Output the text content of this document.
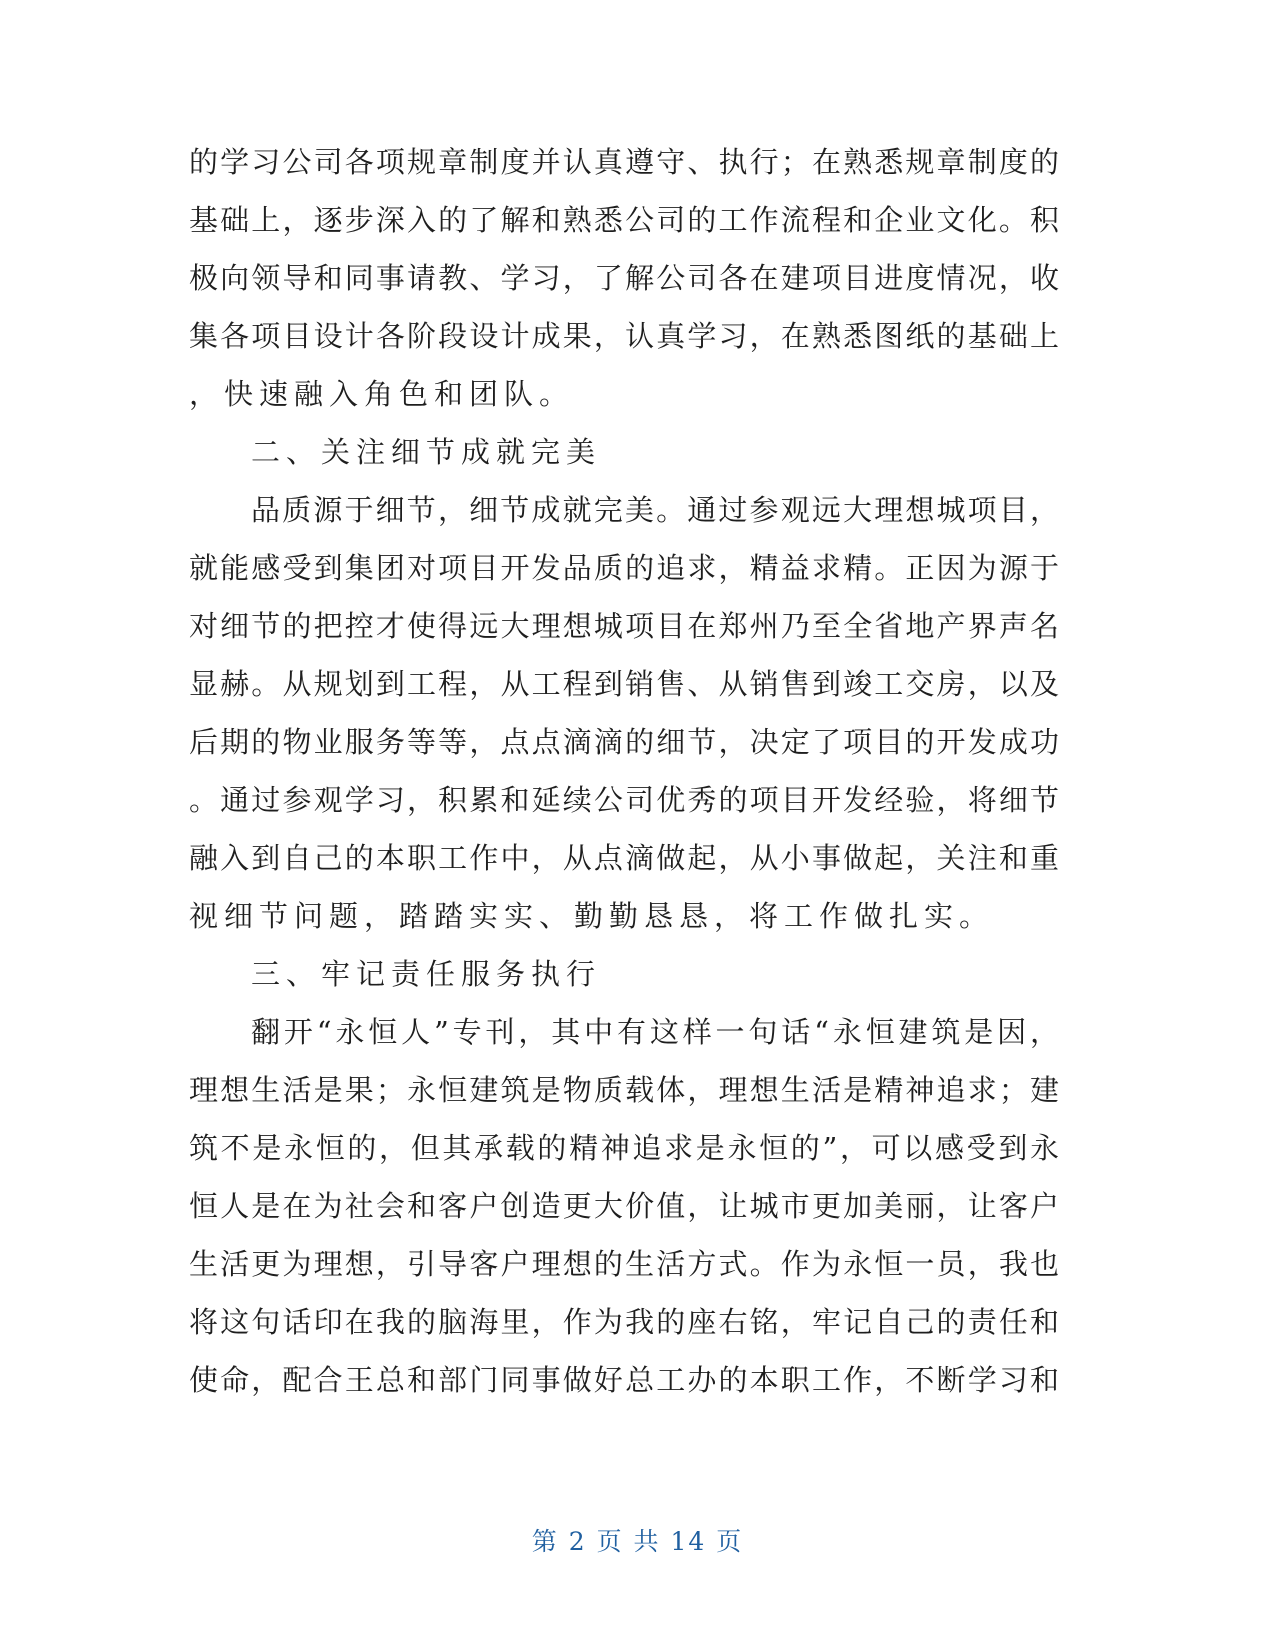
的学习公司各项规章制度并认真遵守、执行；在熟悉规章制度的
基础上，逐步深入的了解和熟悉公司的工作流程和企业文化。积
极向领导和同事请教、学习，了解公司各在建项目进度情况，收
集各项目设计各阶段设计成果，认真学习，在熟悉图纸的基础上
，快速融入角色和团队。
二、关注细节成就完美
品质源于细节，细节成就完美。通过参观远大理想城项目，
就能感受到集团对项目开发品质的追求，精益求精。正因为源于
对细节的把控才使得远大理想城项目在郑州乃至全省地产界声名
显赫。从规划到工程，从工程到销售、从销售到竣工交房，以及
后期的物业服务等等，点点滴滴的细节，决定了项目的开发成功
。通过参观学习，积累和延续公司优秀的项目开发经验，将细节
融入到自己的本职工作中，从点滴做起，从小事做起，关注和重
视细节问题，踏踏实实、勤勤恳恳，将工作做扎实。
三、牢记责任服务执行
翻开“永恒人”专刊，其中有这样一句话“永恒建筑是因，
理想生活是果；永恒建筑是物质载体，理想生活是精神追求；建
筑不是永恒的，但其承载的精神追求是永恒的”，可以感受到永
恒人是在为社会和客户创造更大价值，让城市更加美丽，让客户
生活更为理想，引导客户理想的生活方式。作为永恒一员，我也
将这句话印在我的脑海里，作为我的座右铭，牢记自己的责任和
使命，配合王总和部门同事做好总工办的本职工作，不断学习和
第 2 页 共 14 页
